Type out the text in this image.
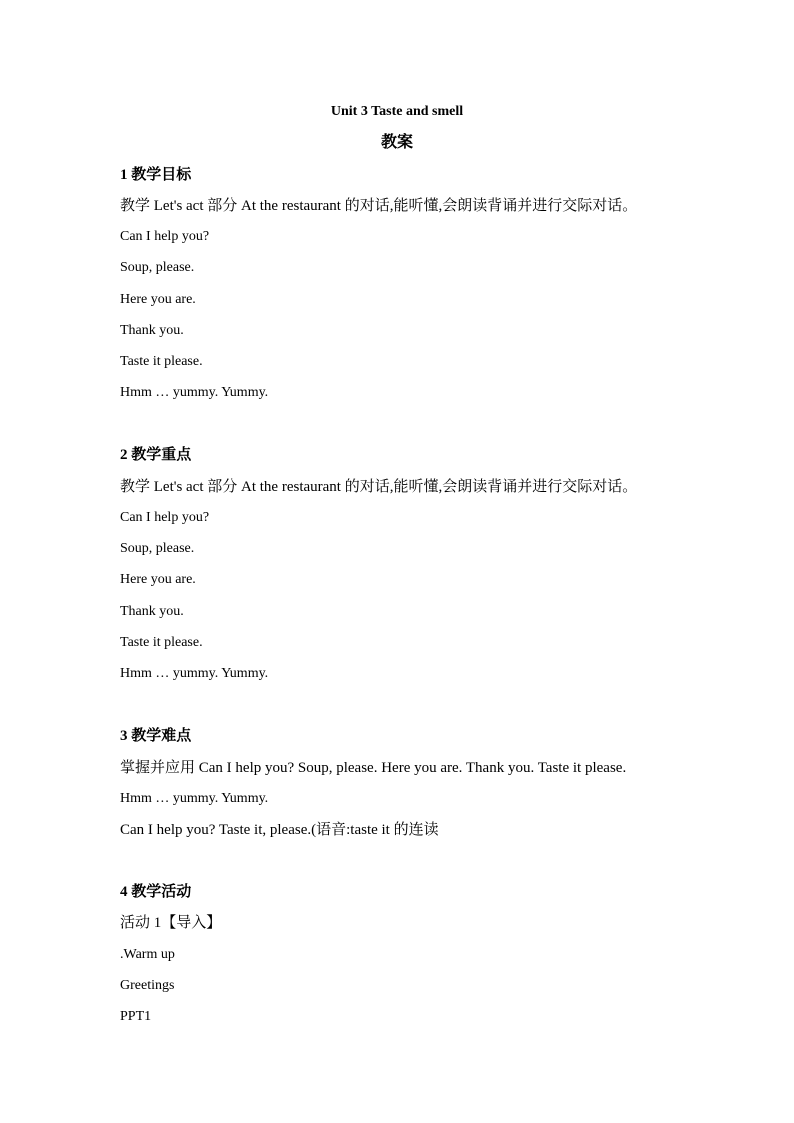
Unit 3 Taste and smell
教案
1 教学目标
教学 Let's act 部分 At the restaurant 的对话,能听懂,会朗读背诵并进行交际对话。
Can I help you?
Soup, please.
Here you are.
Thank you.
Taste it please.
Hmm … yummy. Yummy.
2 教学重点
教学 Let's act 部分 At the restaurant 的对话,能听懂,会朗读背诵并进行交际对话。
Can I help you?
Soup, please.
Here you are.
Thank you.
Taste it please.
Hmm … yummy. Yummy.
3 教学难点
掌握并应用 Can I help you? Soup, please. Here you are. Thank you. Taste it please.
Hmm … yummy. Yummy.
Can I help you? Taste it, please.(语音:taste it 的连读
4 教学活动
活动 1【导入】
.Warm up
Greetings
PPT1
